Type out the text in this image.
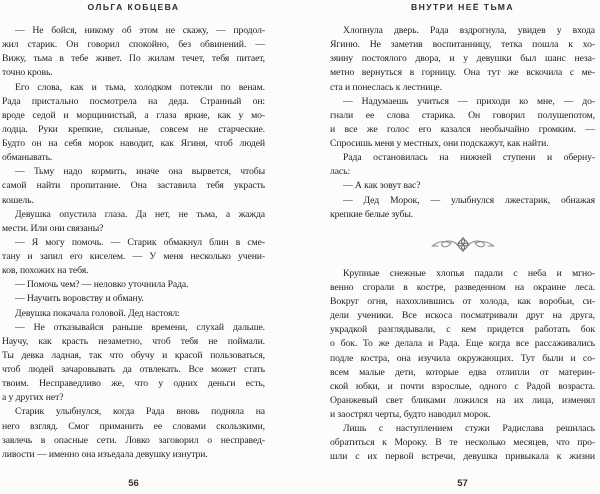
ОЛЬГА КОБЦЕВА
— Не бойся, никому об этом не скажу, — продол-
жил старик. Он говорил спокойно, без обвинений. —
Вижу, тьма в тебе живет. По жилам течет, тебя питает,
точно кровь.
Его слова, как и тьма, холодком потекли по венам.
Рада пристально посмотрела на деда. Странный он:
вроде седой и морщинистый, а глаза яркие, как у мо-
лодца. Руки крепкие, сильные, совсем не старческие.
Будто он на себя морок наводит, как Ягиня, чтоб людей
обманывать.
— Тьму надо кормить, иначе она вырвется, чтобы
самой найти пропитание. Она заставила тебя украсть
кошель.
Девушка опустила глаза. Да нет, не тьма, а жажда
мести. Или они связаны?
— Я могу помочь. — Старик обмакнул блин в сме-
тану и запил его киселем. — У меня несколько учени-
ков, похожих на тебя.
— Помочь чем? — неловко уточнила Рада.
— Научить воровству и обману.
Девушка покачала головой. Дед настоял:
— Не отказывайся раньше времени, слухай дальше.
Научу, как красть незаметно, чтоб тебя не поймали.
Ты девка ладная, так что обучу и красой пользоваться,
чтоб людей зачаровывать да отвлекать. Все может стать
твоим. Несправедливо же, что у одних деньги есть,
а у других нет?
Старик улыбнулся, когда Рада вновь подняла на
него взгляд. Смог приманить ее словами скользкими,
завлечь в опасные сети. Ловко заговорил о несправед-
ливости — именно она изъедала девушку изнутри.
56
ВНУТРИ НЕЁ ТЬМА
Хлопнула дверь. Рада вздрогнула, увидев у входа
Ягиню. Не заметив воспитанницу, тетка пошла к хо-
зяину постоялого двора, и у девушки был шанс неза-
метно вернуться в горницу. Она тут же вскочила с ме-
ста и понеслась к лестнице.
— Надумаешь учиться — приходи ко мне, — до-
гнали ее слова старика. Он говорил полушепотом,
и все же голос его казался необычайно громким. —
Спросишь меня у местных, они подскажут, как найти.
Рада остановилась на нижней ступени и оберну-
лась:
— А как зовут вас?
— Дед Морок, — улыбнулся лжестарик, обнажая
крепкие белые зубы.
Крупные снежные хлопья падали с неба и мгно-
венно сгорали в костре, разведенном на окраине леса.
Вокруг огня, нахохлившись от холода, как воробьи, си-
дели ученики. Все искоса посматривали друг на друга,
украдкой разглядывали, с кем придется работать бок
о бок. То же делала и Рада. Еще когда все рассаживались
подле костра, она изучила окружающих. Тут были и со-
всем малые дети, которые едва отлипли от материн-
ской юбки, и почти взрослые, одного с Радой возраста.
Оранжевый свет бликами ложился на их лица, изменял
и заострял черты, будто наводил морок.
Лишь с наступлением стужи Радислава решилась
обратиться к Мороку. В те несколько месяцев, что про-
шли с их первой встречи, девушка привыкала к жизни
57
